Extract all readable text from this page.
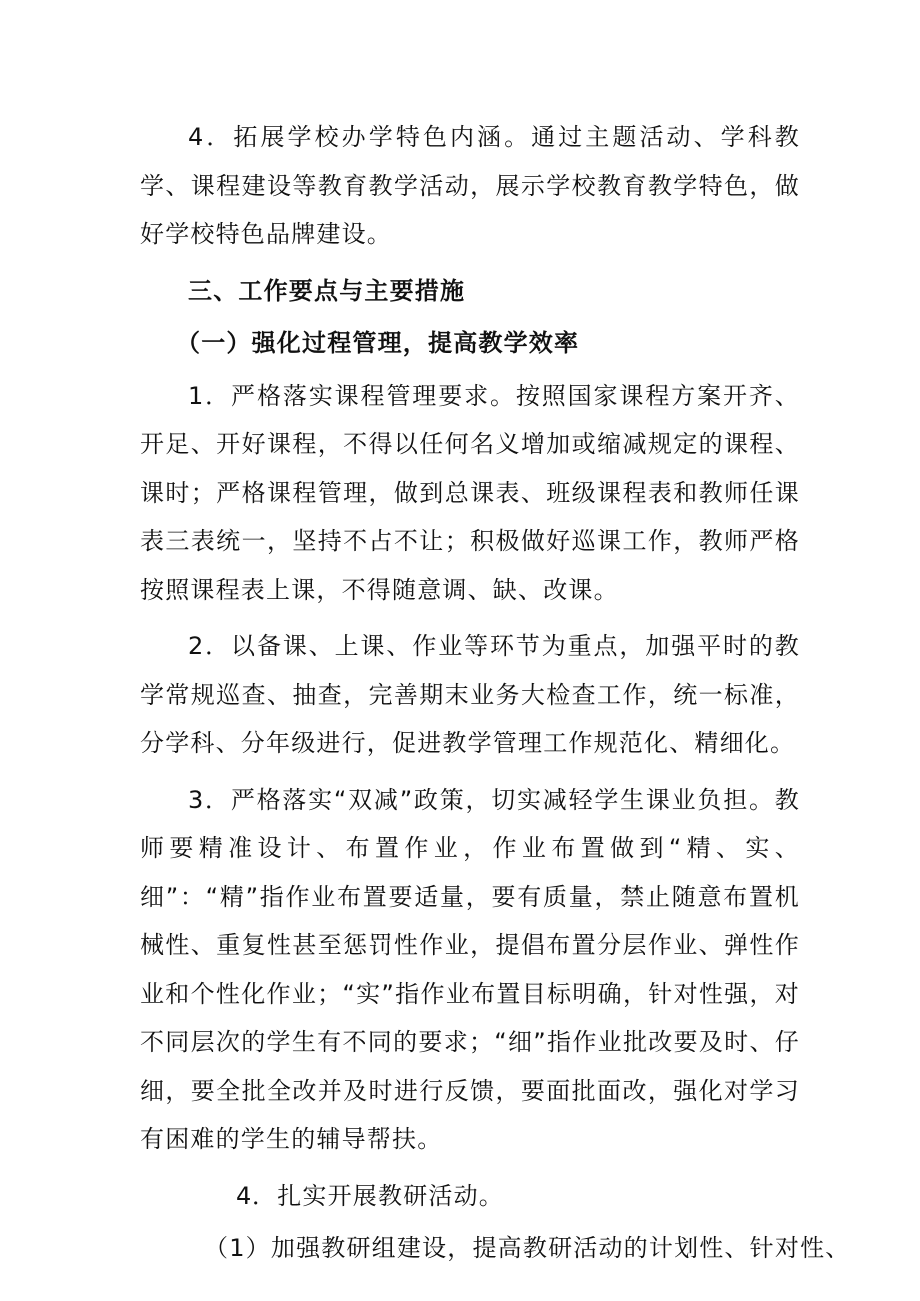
4．拓展学校办学特色内涵。通过主题活动、学科教学、课程建设等教育教学活动，展示学校教育教学特色，做好学校特色品牌建设。

三、工作要点与主要措施

（一）强化过程管理，提高教学效率

1．严格落实课程管理要求。按照国家课程方案开齐、开足、开好课程，不得以任何名义增加或缩减规定的课程、课时；严格课程管理，做到总课表、班级课程表和教师任课表三表统一，坚持不占不让；积极做好巡课工作，教师严格按照课程表上课，不得随意调、缺、改课。

2．以备课、上课、作业等环节为重点，加强平时的教学常规巡查、抽查，完善期末业务大检查工作，统一标准，分学科、分年级进行，促进教学管理工作规范化、精细化。

3．严格落实“双减”政策，切实减轻学生课业负担。教师要精准设计、布置作业，作业布置做到“精、实、细”：“精”指作业布置要适量，要有质量，禁止随意布置机械性、重复性甚至惩罚性作业，提倡布置分层作业、弹性作业和个性化作业；“实”指作业布置目标明确，针对性强，对不同层次的学生有不同的要求；“细”指作业批改要及时、仔细，要全批全改并及时进行反馈，要面批面改，强化对学习有困难的学生的辅导帮扶。

4．扎实开展教研活动。

（1）加强教研组建设，提高教研活动的计划性、针对性、
